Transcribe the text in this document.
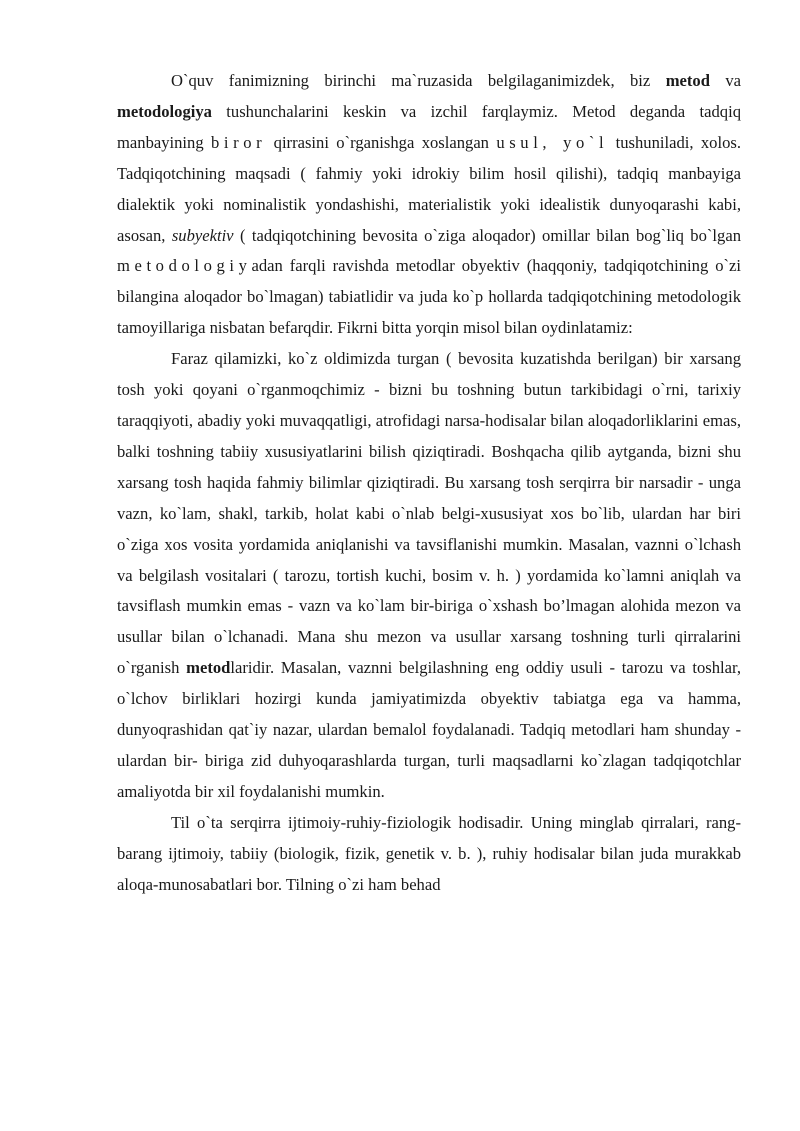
O`quv fanimizning birinchi ma`ruzasida belgilaganimizdek, biz metod va metodologiya tushunchalarini keskin va izchil farqlaymiz. Metod deganda tadqiq manbayining biror qirrasini o`rganishga xoslangan usul, yo`l tushuniladi, xolos. Tadqiqotchining maqsadi ( fahmiy yoki idrokiy bilim hosil qilishi), tadqiq manbayiga dialektik yoki nominalistik yondashishi, materialistik yoki idealistik dunyoqarashi kabi, asosan, subyektiv ( tadqiqotchining bevosita o`ziga aloqador) omillar bilan bog`liq bo`lgan metodologiyadan farqli ravishda metodlar obyektiv (haqqoniy, tadqiqotchining o`zi bilangina aloqador bo`lmagan) tabiatlidir va juda ko`p hollarda tadqiqotchining metodologik tamoyillariga nisbatan befarqdir. Fikrni bitta yorqin misol bilan oydinlatamiz:

Faraz qilamizki, ko`z oldimizda turgan ( bevosita kuzatishda berilgan) bir xarsang tosh yoki qoyani o`rganmoqchimiz - bizni bu toshning butun tarkibidagi o`rni, tarixiy taraqqiyoti, abadiy yoki muvaqqatligi, atrofidagi narsa-hodisalar bilan aloqadorliklarini emas, balki toshning tabiiy xususiyatlarini bilish qiziqtiradi. Boshqacha qilib aytganda, bizni shu xarsang tosh haqida fahmiy bilimlar qiziqtiradi. Bu xarsang tosh serqirra bir narsadir - unga vazn, ko`lam, shakl, tarkib, holat kabi o`nlab belgi-xususiyat xos bo`lib, ulardan har biri o`ziga xos vosita yordamida aniqlanishi va tavsiflanishi mumkin. Masalan, vaznni o`lchash va belgilash vositalari ( tarozu, tortish kuchi, bosim v. h. ) yordamida ko`lamni aniqlah va tavsiflash mumkin emas - vazn va ko`lam bir-biriga o`xshash bo’lmagan alohida mezon va usullar bilan o`lchanadi. Mana shu mezon va usullar xarsang toshning turli qirralarini o`rganish metodlaridir. Masalan, vaznni belgilashning eng oddiy usuli - tarozu va toshlar, o`lchov birliklari hozirgi kunda jamiyatimizda obyektiv tabiatga ega va hamma, dunyoqrashidan qat`iy nazar, ulardan bemalol foydalanadi. Tadqiq metodlari ham shunday - ulardan bir- biriga zid duhyoqarashlarda turgan, turli maqsadlarni ko`zlagan tadqiqotchlar amaliyotda bir xil foydalanishi mumkin.

Til o`ta serqirra ijtimoiy-ruhiy-fiziologik hodisadir. Uning minglab qirralari, rang-barang ijtimoiy, tabiiy (biologik, fizik, genetik v. b. ), ruhiy hodisalar bilan juda murakkab aloqa-munosabatlari bor. Tilning o`zi ham behad
